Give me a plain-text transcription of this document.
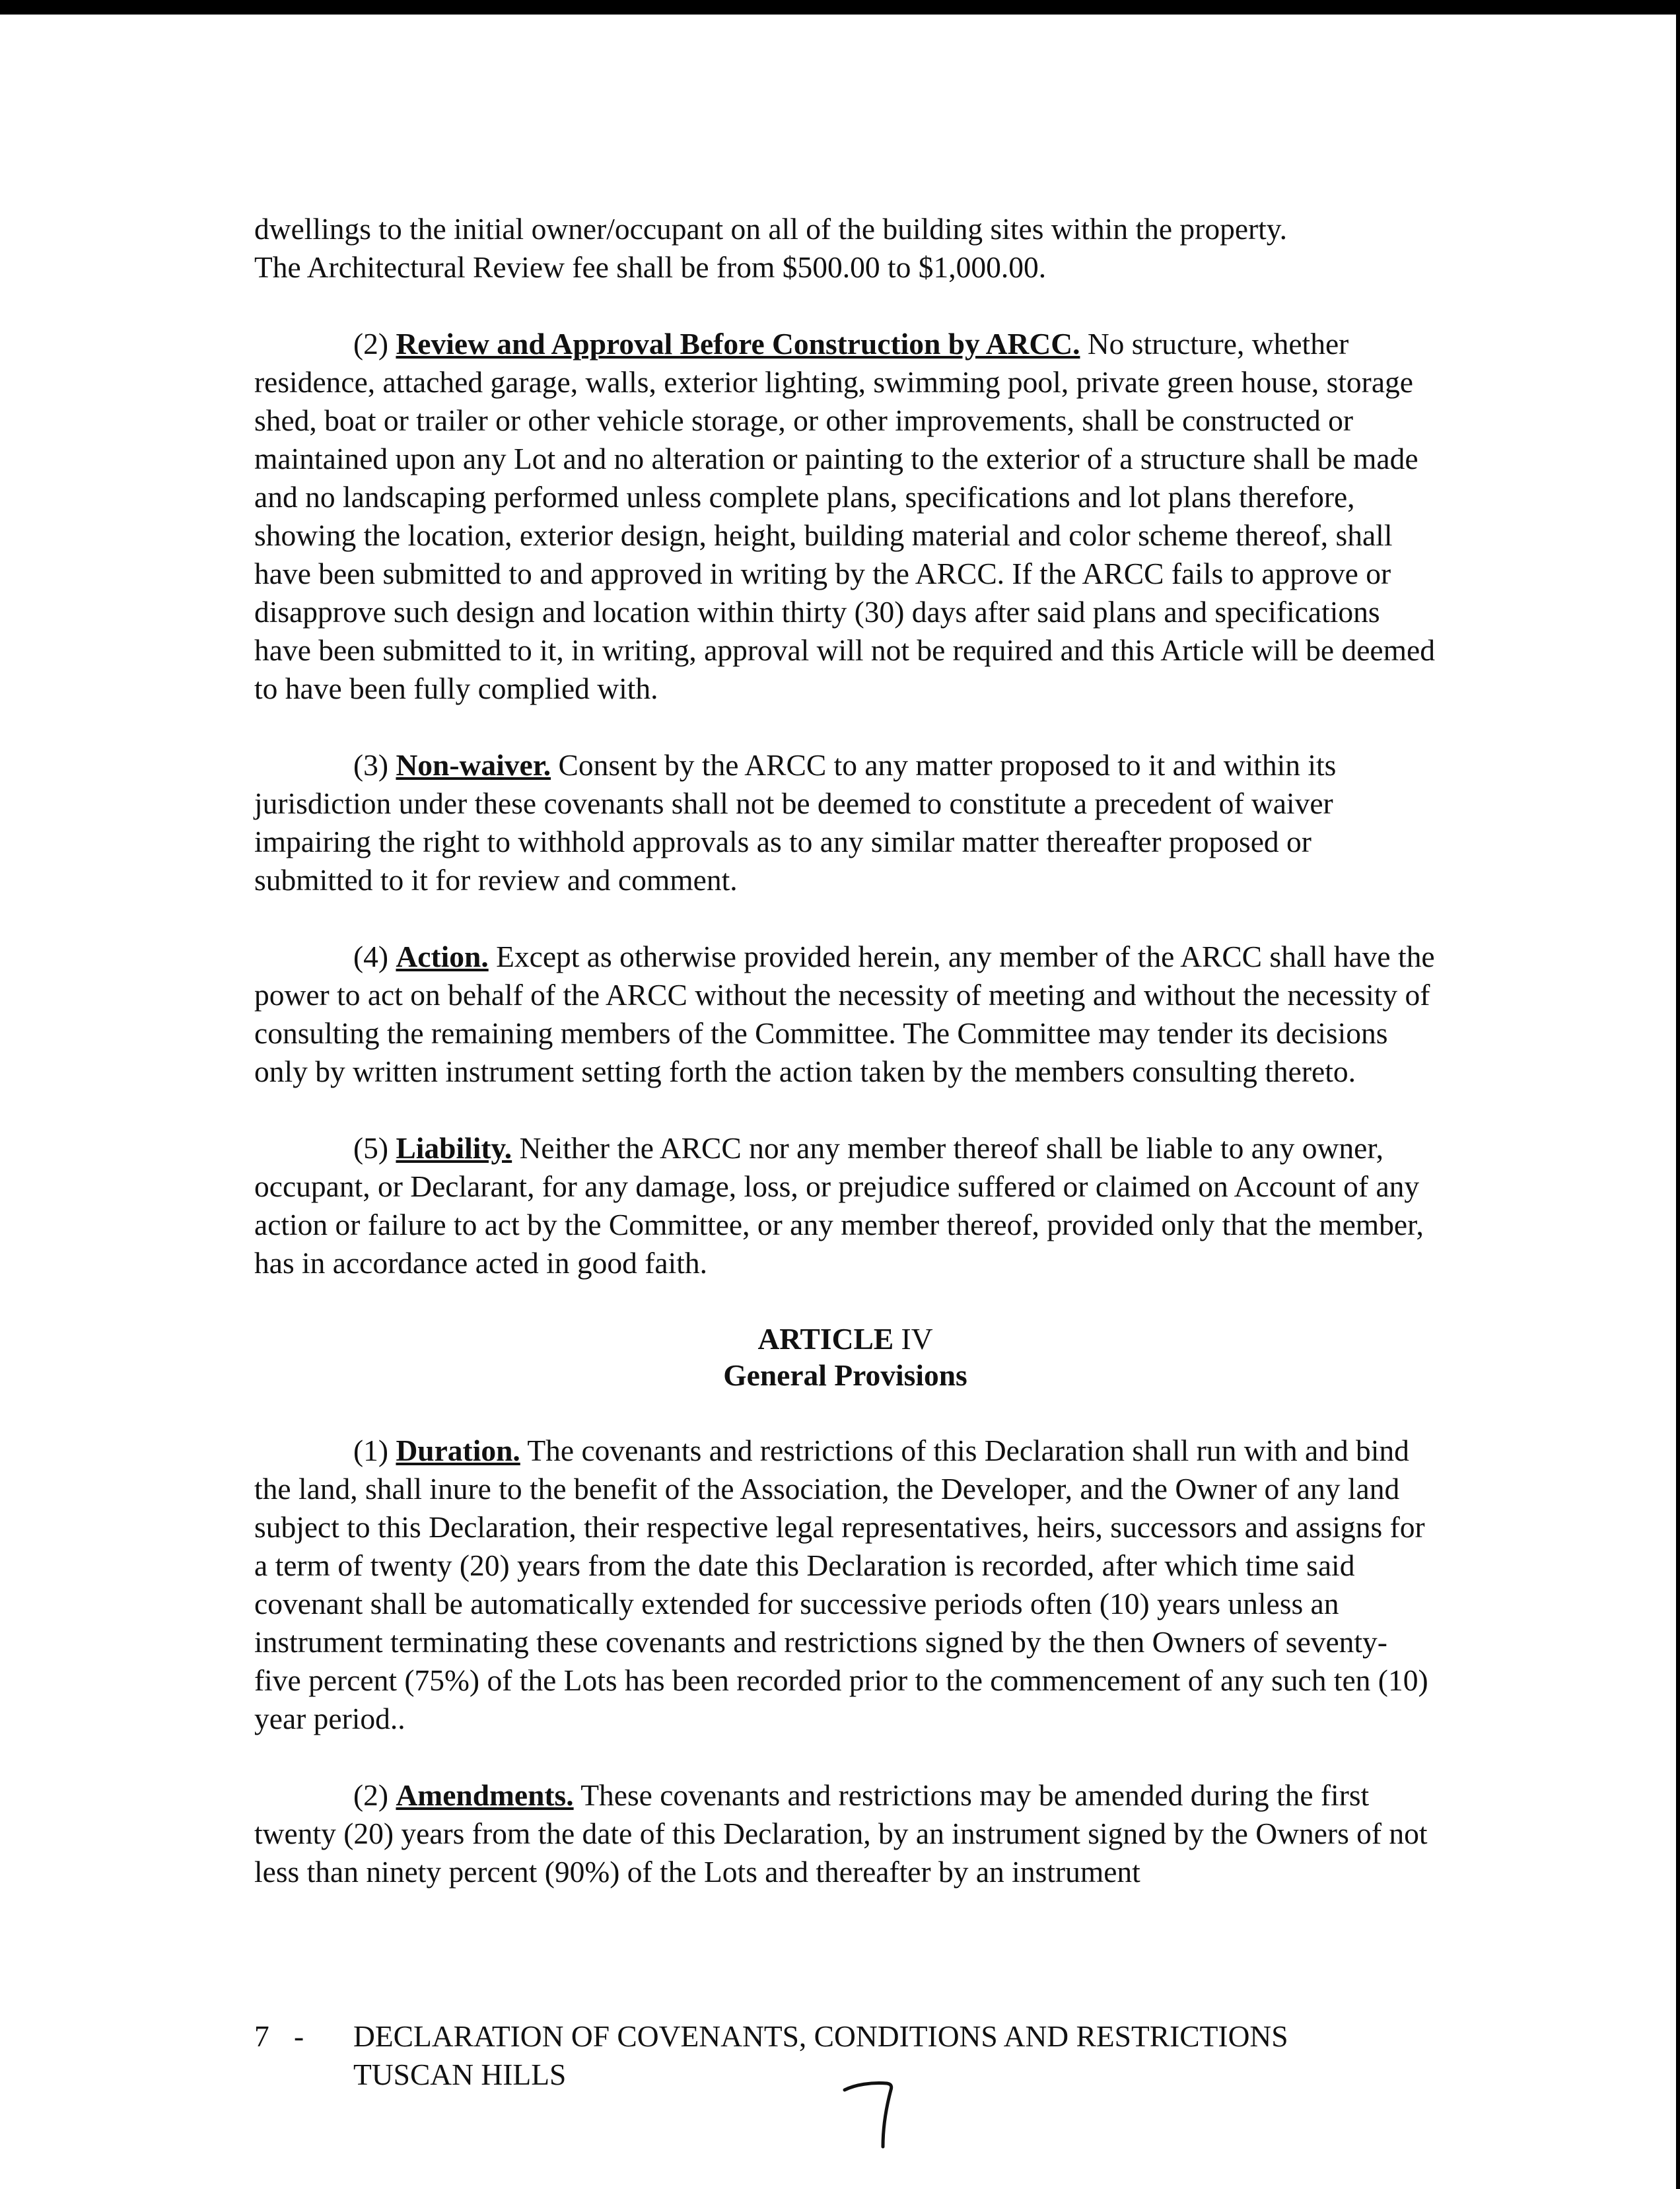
dwellings to the initial owner/occupant on all of the building sites within the property.
The Architectural Review fee shall be from $500.00 to $1,000.00.

(2) Review and Approval Before Construction by ARCC. No structure, whether residence, attached garage, walls, exterior lighting, swimming pool, private green house, storage shed, boat or trailer or other vehicle storage, or other improvements, shall be constructed or maintained upon any Lot and no alteration or painting to the exterior of a structure shall be made and no landscaping performed unless complete plans, specifications and lot plans therefore, showing the location, exterior design, height, building material and color scheme thereof, shall have been submitted to and approved in writing by the ARCC. If the ARCC fails to approve or disapprove such design and location within thirty (30) days after said plans and specifications have been submitted to it, in writing, approval will not be required and this Article will be deemed to have been fully complied with.

(3) Non-waiver. Consent by the ARCC to any matter proposed to it and within its jurisdiction under these covenants shall not be deemed to constitute a precedent of waiver impairing the right to withhold approvals as to any similar matter thereafter proposed or submitted to it for review and comment.

(4) Action. Except as otherwise provided herein, any member of the ARCC shall have the power to act on behalf of the ARCC without the necessity of meeting and without the necessity of consulting the remaining members of the Committee. The Committee may tender its decisions only by written instrument setting forth the action taken by the members consulting thereto.

(5) Liability. Neither the ARCC nor any member thereof shall be liable to any owner, occupant, or Declarant, for any damage, loss, or prejudice suffered or claimed on Account of any action or failure to act by the Committee, or any member thereof, provided only that the member, has in accordance acted in good faith.

ARTICLE IV
General Provisions

(1) Duration. The covenants and restrictions of this Declaration shall run with and bind the land, shall inure to the benefit of the Association, the Developer, and the Owner of any land subject to this Declaration, their respective legal representatives, heirs, successors and assigns for a term of twenty (20) years from the date this Declaration is recorded, after which time said covenant shall be automatically extended for successive periods often (10) years unless an instrument terminating these covenants and restrictions signed by the then Owners of seventy- five percent (75%) of the Lots has been recorded prior to the commencement of any such ten (10) year period..

(2) Amendments. These covenants and restrictions may be amended during the first twenty (20) years from the date of this Declaration, by an instrument signed by the Owners of not less than ninety percent (90%) of the Lots and thereafter by an instrument

7 -	DECLARATION OF COVENANTS, CONDITIONS AND RESTRICTIONS
TUSCAN HILLS
